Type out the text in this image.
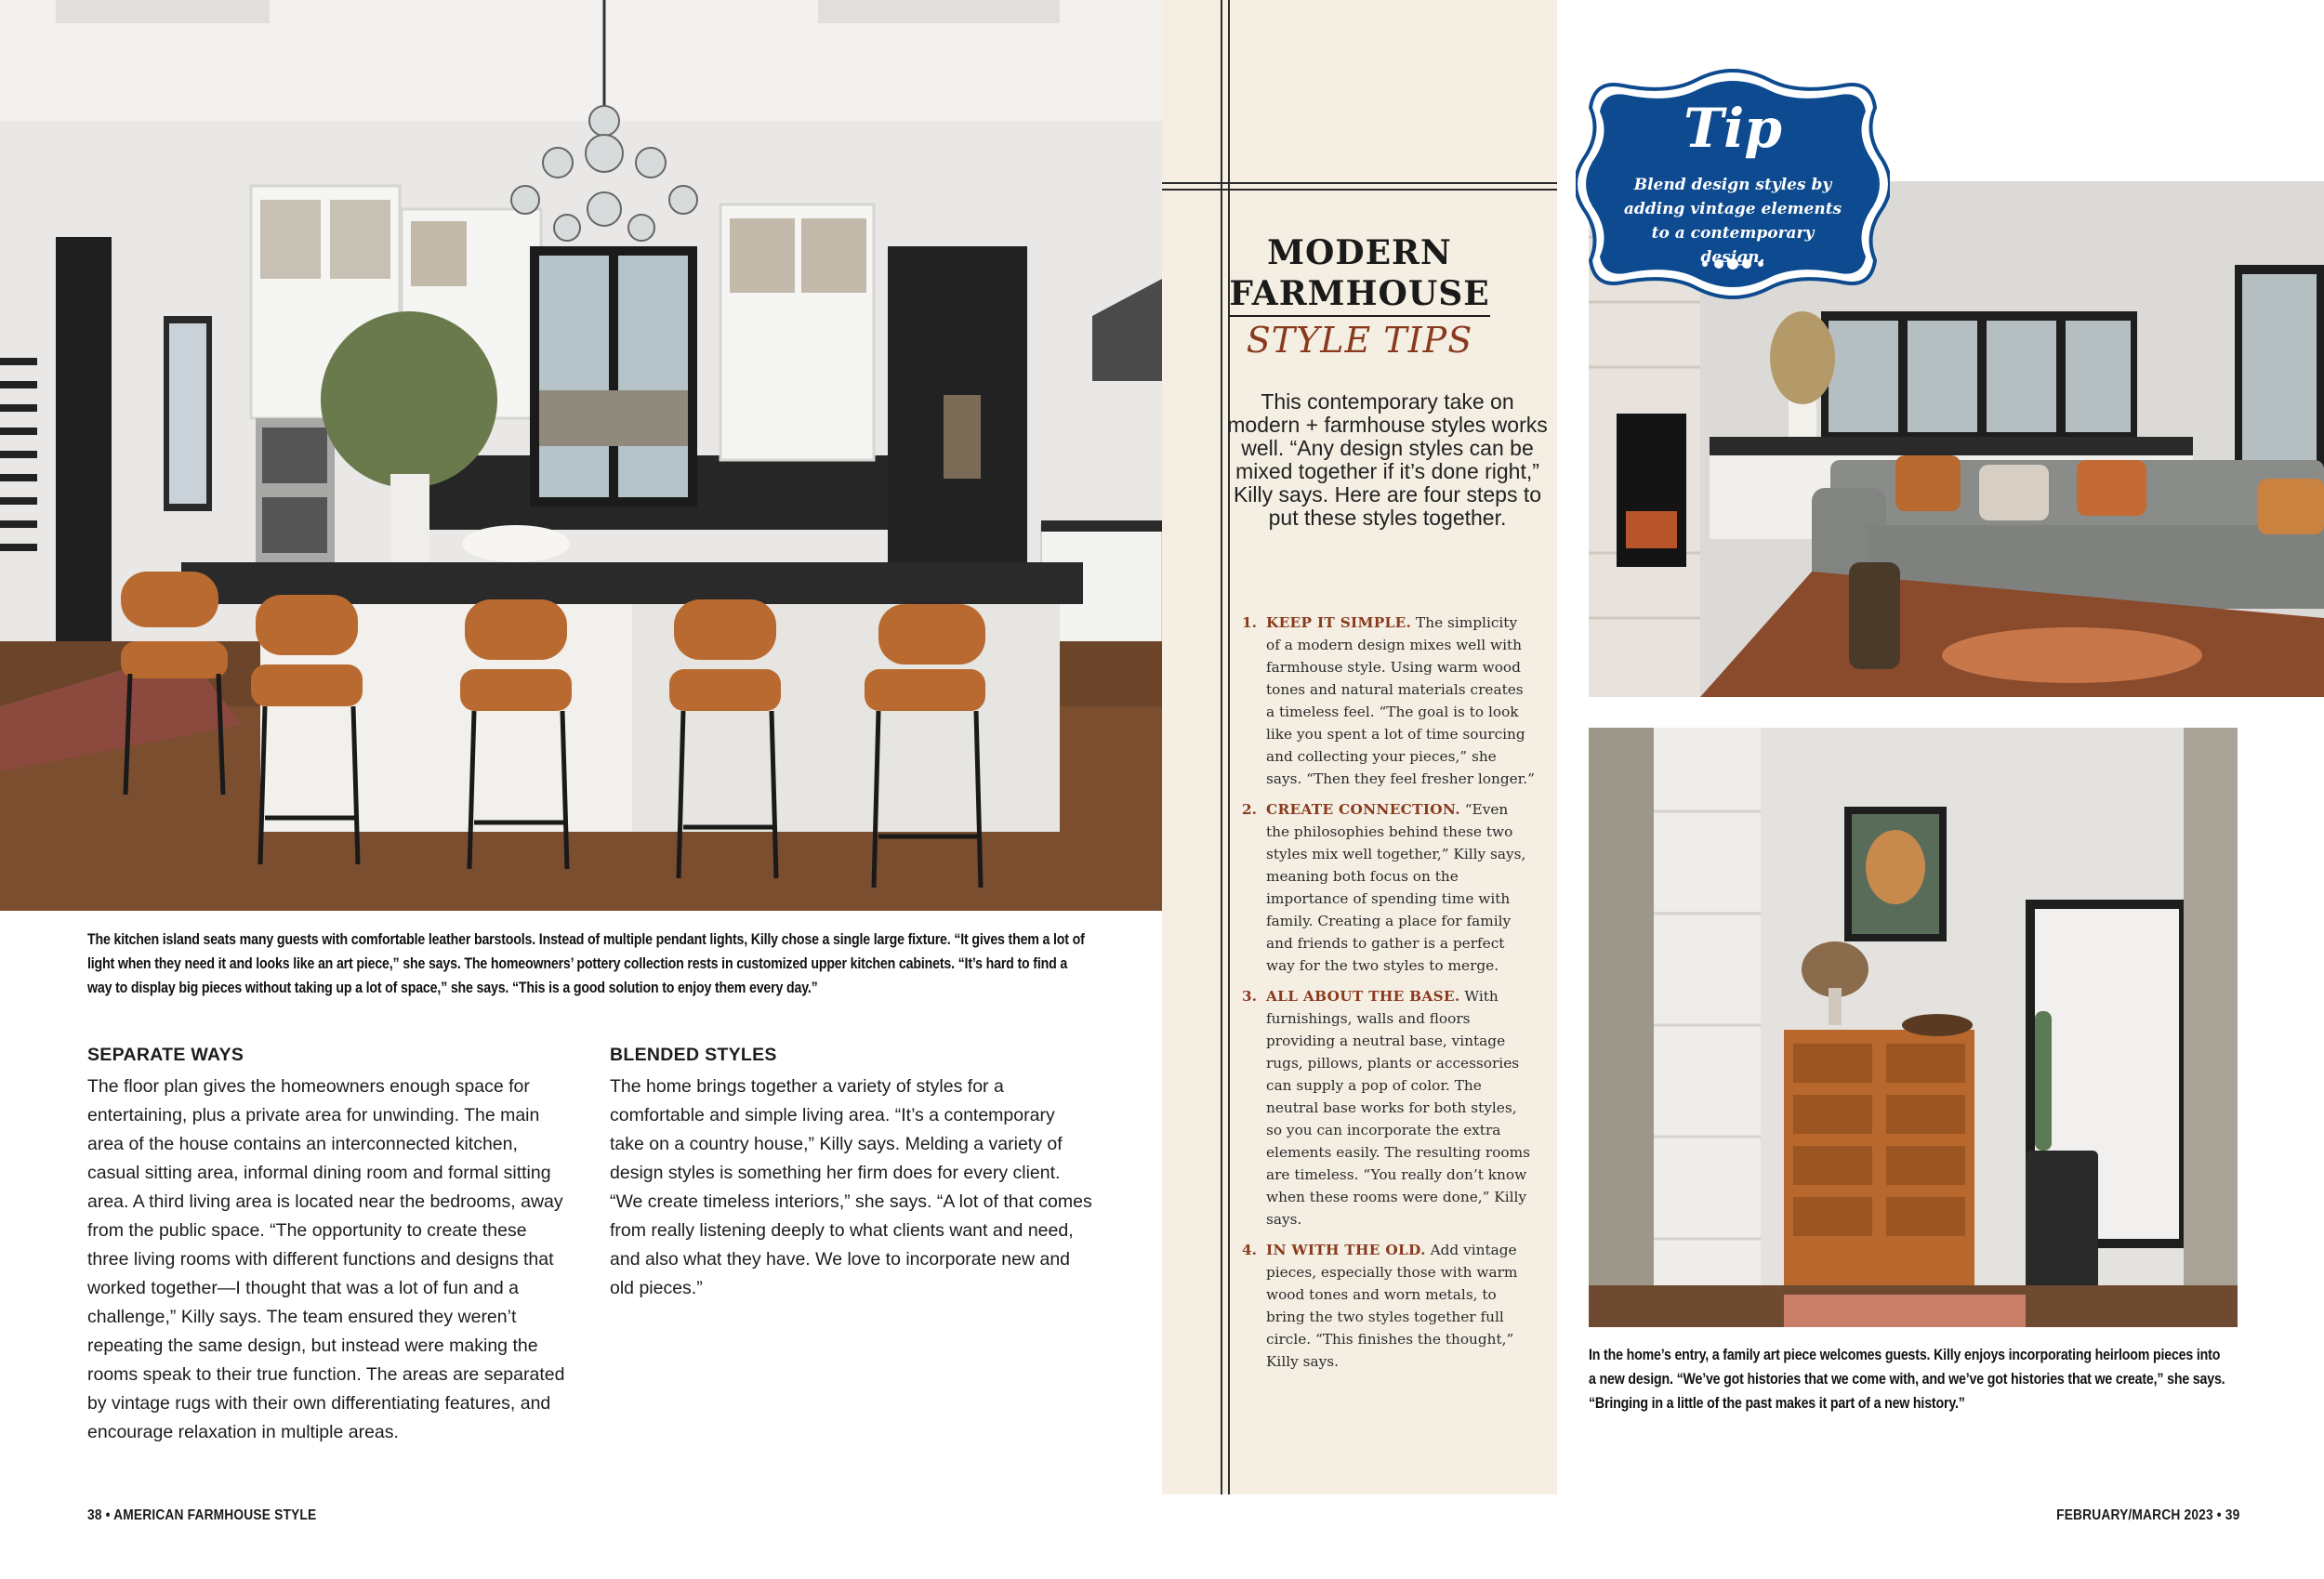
The kitchen island seats many guests with comfortable leather barstools. Instead of multiple pendant lights, Killy chose a single large fixture. “It gives them a lot of light when they need it and looks like an art piece,” she says. The homeowners’ pottery collection rests in customized upper kitchen cabinets. “It’s hard to find a way to display big pieces without taking up a lot of space,” she says. “This is a good solution to enjoy them every day.”
SEPARATE WAYS

The floor plan gives the homeowners enough space for entertaining, plus a private area for unwinding. The main area of the house contains an interconnected kitchen, casual sitting area, informal dining room and formal sitting area. A third living area is located near the bedrooms, away from the public space. “The opportunity to create these three living rooms with different functions and designs that worked together—I thought that was a lot of fun and a challenge,” Killy says. The team ensured they weren’t repeating the same design, but instead were making the rooms speak to their true function. The areas are separated by vintage rugs with their own differentiating features, and encourage relaxation in multiple areas.

BLENDED STYLES

The home brings together a variety of styles for a comfortable and simple living area. “It’s a contemporary take on a country house,” Killy says. Melding a variety of design styles is something her firm does for every client. “We create timeless interiors,” she says. “A lot of that comes from really listening deeply to what clients want and need, and also what they have. We love to incorporate new and old pieces.”

38 • AMERICAN FARMHOUSE STYLE	FEBRUARY/MARCH 2023 • 39
MODERN
FARMHOUSE
STYLE TIPS
This contemporary take on modern + farmhouse styles works well. “Any design styles can be mixed together if it’s done right,” Killy says. Here are four steps to put these styles together.
1. KEEP IT SIMPLE. The simplicity of a modern design mixes well with farmhouse style. Using warm wood tones and natural materials creates a timeless feel. “The goal is to look like you spent a lot of time sourcing and collecting your pieces,” she says. “Then they feel fresher longer.”
2. CREATE CONNECTION. “Even the philosophies behind these two styles mix well together,” Killy says, meaning both focus on the importance of spending time with family. Creating a place for family and friends to gather is a perfect way for the two styles to merge.
3. ALL ABOUT THE BASE. With furnishings, walls and floors providing a neutral base, vintage rugs, pillows, plants or accessories can supply a pop of color. The neutral base works for both styles, so you can incorporate the extra elements easily. The resulting rooms are timeless. “You really don’t know when these rooms were done,” Killy says.
4. IN WITH THE OLD. Add vintage pieces, especially those with warm wood tones and worn metals, to bring the two styles together full circle. “This finishes the thought,” Killy says.	In the home’s entry, a family art piece welcomes guests. Killy enjoys incorporating heirloom pieces into a new design. “We’ve got histories that we come with, and we’ve got histories that we create,” she says. “Bringing in a little of the past makes it part of a new history.”
Tip
Blend design styles by adding vintage elements to a contemporary design.
